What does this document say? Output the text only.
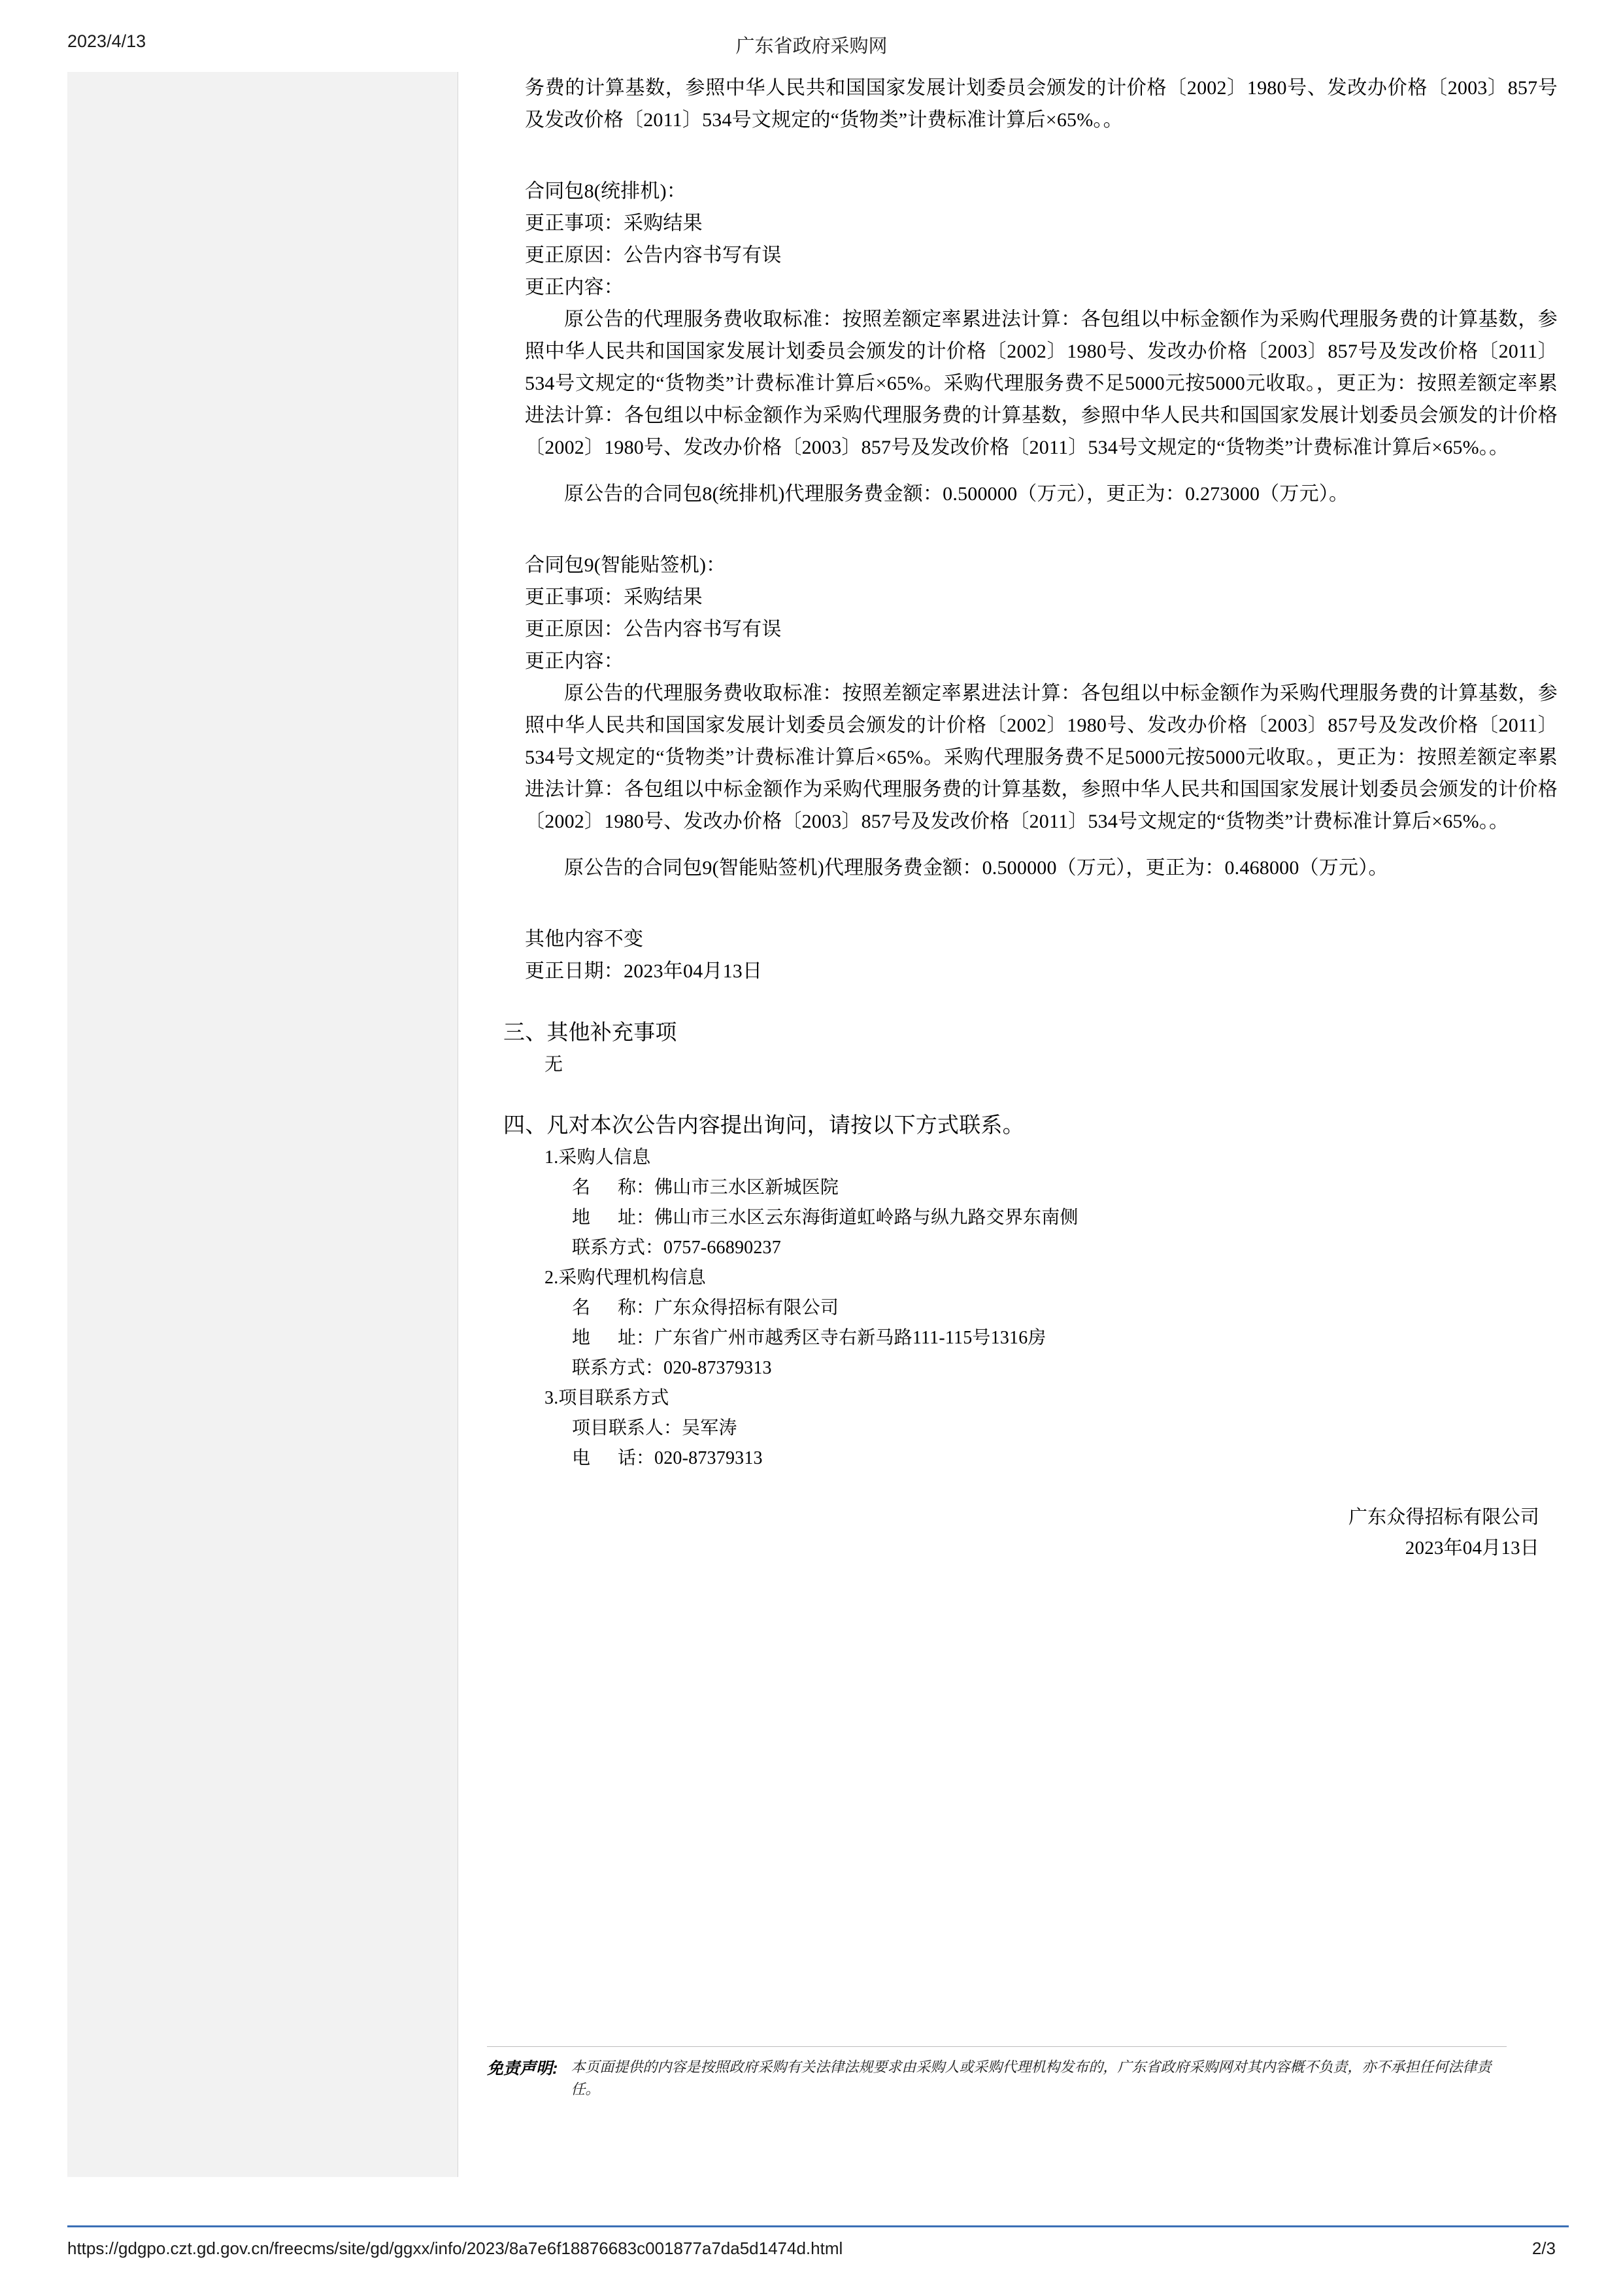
2023/4/13	广东省政府采购网

务费的计算基数，参照中华人民共和国国家发展计划委员会颁发的计价格〔2002〕1980号、发改办价格〔2003〕857号及发改价格〔2011〕534号文规定的“货物类”计费标准计算后×65%。。

合同包8(统排机)：

更正事项：采购结果

更正原因：公告内容书写有误

更正内容：

原公告的代理服务费收取标准：按照差额定率累进法计算：各包组以中标金额作为采购代理服务费的计算基数，参照中华人民共和国国家发展计划委员会颁发的计价格〔2002〕1980号、发改办价格〔2003〕857号及发改价格〔2011〕534号文规定的“货物类”计费标准计算后×65%。采购代理服务费不足5000元按5000元收取。，更正为：按照差额定率累进法计算：各包组以中标金额作为采购代理服务费的计算基数，参照中华人民共和国国家发展计划委员会颁发的计价格〔2002〕1980号、发改办价格〔2003〕857号及发改价格〔2011〕534号文规定的“货物类”计费标准计算后×65%。。

原公告的合同包8(统排机)代理服务费金额：0.500000（万元），更正为：0.273000（万元）。

合同包9(智能贴签机)：

更正事项：采购结果

更正原因：公告内容书写有误

更正内容：

原公告的代理服务费收取标准：按照差额定率累进法计算：各包组以中标金额作为采购代理服务费的计算基数，参照中华人民共和国国家发展计划委员会颁发的计价格〔2002〕1980号、发改办价格〔2003〕857号及发改价格〔2011〕534号文规定的“货物类”计费标准计算后×65%。采购代理服务费不足5000元按5000元收取。，更正为：按照差额定率累进法计算：各包组以中标金额作为采购代理服务费的计算基数，参照中华人民共和国国家发展计划委员会颁发的计价格〔2002〕1980号、发改办价格〔2003〕857号及发改价格〔2011〕534号文规定的“货物类”计费标准计算后×65%。。

原公告的合同包9(智能贴签机)代理服务费金额：0.500000（万元），更正为：0.468000（万元）。

其他内容不变

更正日期：2023年04月13日

三、其他补充事项

无

四、凡对本次公告内容提出询问，请按以下方式联系。

1.采购人信息

名      称：佛山市三水区新城医院

地      址：佛山市三水区云东海街道虹岭路与纵九路交界东南侧

联系方式：0757-66890237

2.采购代理机构信息

名      称：广东众得招标有限公司

地      址：广东省广州市越秀区寺右新马路111-115号1316房

联系方式：020-87379313

3.项目联系方式

项目联系人：吴军涛

电      话：020-87379313

广东众得招标有限公司

2023年04月13日

免责声明: 本页面提供的内容是按照政府采购有关法律法规要求由采购人或采购代理机构发布的，广东省政府采购网对其内容概不负责，亦不承担任何法律责任。
https://gdgpo.czt.gd.gov.cn/freecms/site/gd/ggxx/info/2023/8a7e6f18876683c001877a7da5d1474d.html	2/3
